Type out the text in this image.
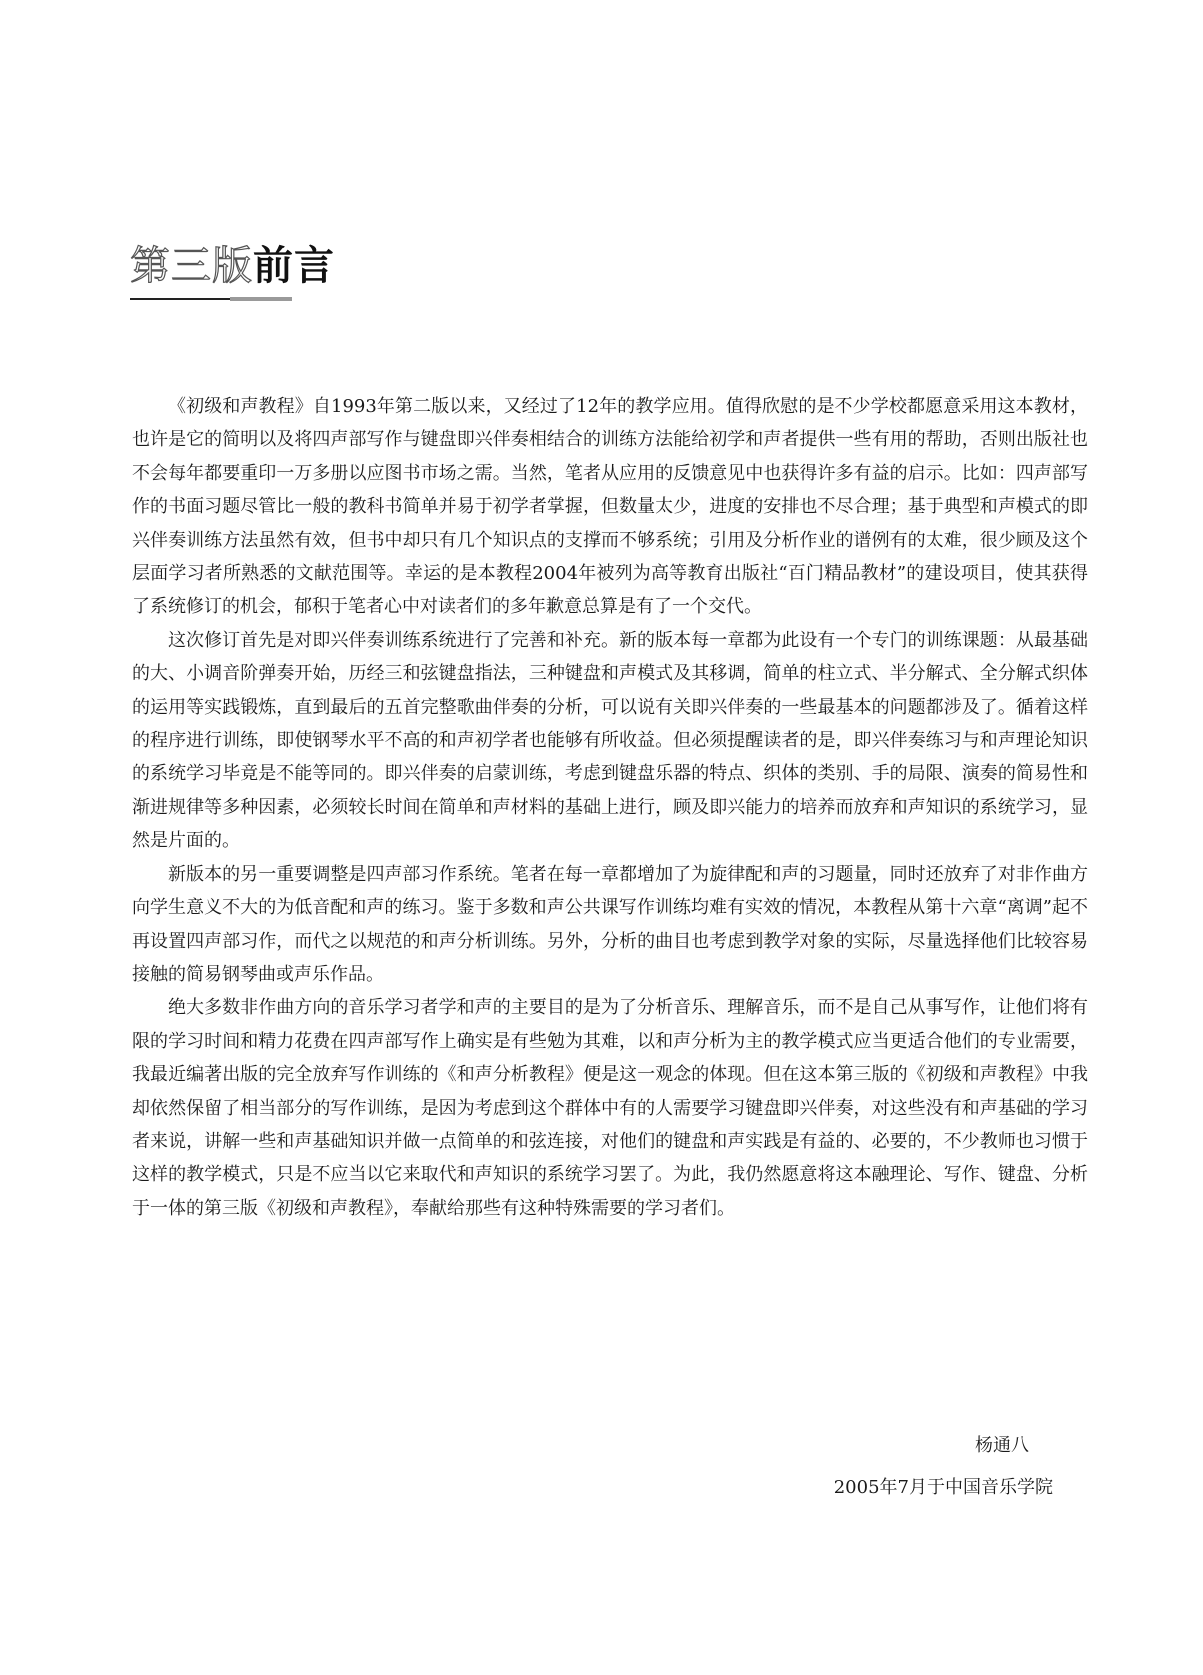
第三版前言

《初级和声教程》自1993年第二版以来，又经过了12年的教学应用。值得欣慰的是不少学校都愿意采用这本教材，也许是它的简明以及将四声部写作与键盘即兴伴奏相结合的训练方法能给初学和声者提供一些有用的帮助，否则出版社也不会每年都要重印一万多册以应图书市场之需。当然，笔者从应用的反馈意见中也获得许多有益的启示。比如：四声部写作的书面习题尽管比一般的教科书简单并易于初学者掌握，但数量太少，进度的安排也不尽合理；基于典型和声模式的即兴伴奏训练方法虽然有效，但书中却只有几个知识点的支撑而不够系统；引用及分析作业的谱例有的太难，很少顾及这个层面学习者所熟悉的文献范围等。幸运的是本教程2004年被列为高等教育出版社“百门精品教材”的建设项目，使其获得了系统修订的机会，郁积于笔者心中对读者们的多年歉意总算是有了一个交代。

这次修订首先是对即兴伴奏训练系统进行了完善和补充。新的版本每一章都为此设有一个专门的训练课题：从最基础的大、小调音阶弹奏开始，历经三和弦键盘指法，三种键盘和声模式及其移调，简单的柱立式、半分解式、全分解式织体的运用等实践锻炼，直到最后的五首完整歌曲伴奏的分析，可以说有关即兴伴奏的一些最基本的问题都涉及了。循着这样的程序进行训练，即使钢琴水平不高的和声初学者也能够有所收益。但必须提醒读者的是，即兴伴奏练习与和声理论知识的系统学习毕竟是不能等同的。即兴伴奏的启蒙训练，考虑到键盘乐器的特点、织体的类别、手的局限、演奏的简易性和渐进规律等多种因素，必须较长时间在简单和声材料的基础上进行，顾及即兴能力的培养而放弃和声知识的系统学习，显然是片面的。

新版本的另一重要调整是四声部习作系统。笔者在每一章都增加了为旋律配和声的习题量，同时还放弃了对非作曲方向学生意义不大的为低音配和声的练习。鉴于多数和声公共课写作训练均难有实效的情况，本教程从第十六章“离调”起不再设置四声部习作，而代之以规范的和声分析训练。另外，分析的曲目也考虑到教学对象的实际，尽量选择他们比较容易接触的简易钢琴曲或声乐作品。

绝大多数非作曲方向的音乐学习者学和声的主要目的是为了分析音乐、理解音乐，而不是自己从事写作，让他们将有限的学习时间和精力花费在四声部写作上确实是有些勉为其难，以和声分析为主的教学模式应当更适合他们的专业需要，我最近编著出版的完全放弃写作训练的《和声分析教程》便是这一观念的体现。但在这本第三版的《初级和声教程》中我却依然保留了相当部分的写作训练，是因为考虑到这个群体中有的人需要学习键盘即兴伴奏，对这些没有和声基础的学习者来说，讲解一些和声基础知识并做一点简单的和弦连接，对他们的键盘和声实践是有益的、必要的，不少教师也习惯于这样的教学模式，只是不应当以它来取代和声知识的系统学习罢了。为此，我仍然愿意将这本融理论、写作、键盘、分析于一体的第三版《初级和声教程》，奉献给那些有这种特殊需要的学习者们。

杨通八
2005年7月于中国音乐学院
